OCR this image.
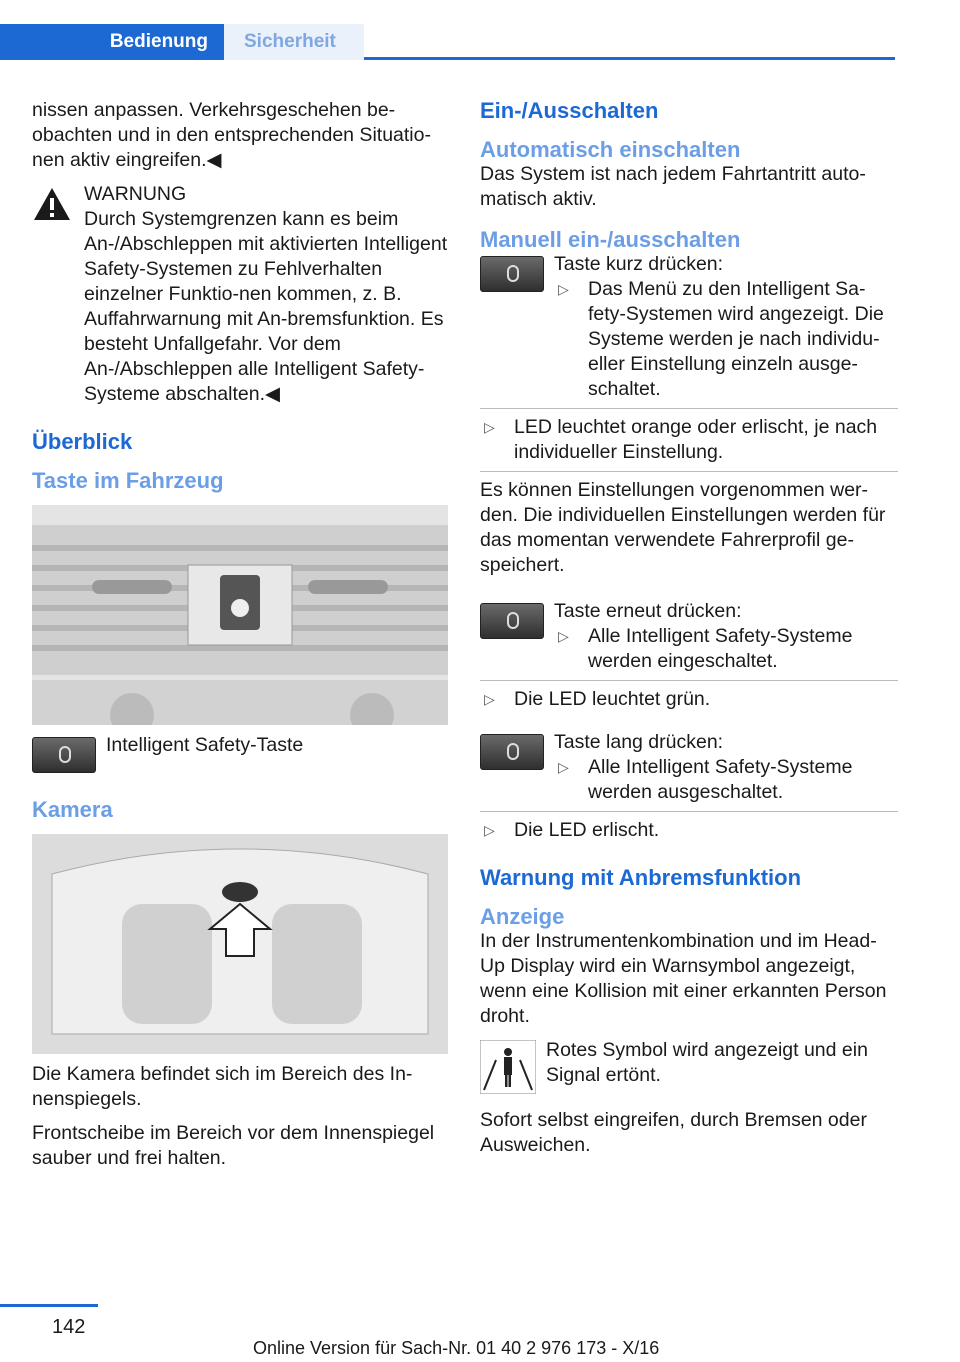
Bedienung	Sicherheit

nissen anpassen. Verkehrsgeschehen be‐obachten und in den entsprechenden Situatio‐nen aktiv eingreifen.◀

WARNUNG
Durch Systemgrenzen kann es beim An-/Abschleppen mit aktivierten Intelligent Safety-Systemen zu Fehlverhalten einzelner Funktio‐nen kommen, z. B. Auffahrwarnung mit An‐bremsfunktion. Es besteht Unfallgefahr. Vor dem An-/Abschleppen alle Intelligent Safety-Systeme abschalten.◀
Überblick
Taste im Fahrzeug
Intelligent Safety-Taste
Kamera

Die Kamera befindet sich im Bereich des In‐nenspiegels.

Frontscheibe im Bereich vor dem Innenspiegel sauber und frei halten.

Ein-/Ausschalten
Automatisch einschalten

Das System ist nach jedem Fahrtantritt auto‐matisch aktiv.

Manuell ein-/ausschalten
Taste kurz drücken:
▷ Das Menü zu den Intelligent Sa‐fety-Systemen wird angezeigt. Die Systeme werden je nach individu‐eller Einstellung einzeln ausge‐schaltet.
▷ LED leuchtet orange oder erlischt, je nach individueller Einstellung.

Es können Einstellungen vorgenommen wer‐den. Die individuellen Einstellungen werden für das momentan verwendete Fahrerprofil ge‐speichert.

Taste erneut drücken:
▷ Alle Intelligent Safety-Systeme werden eingeschaltet.
▷ Die LED leuchtet grün.
Taste lang drücken:
▷ Alle Intelligent Safety-Systeme werden ausgeschaltet.
▷ Die LED erlischt.
Warnung mit Anbremsfunktion
Anzeige

In der Instrumentenkombination und im Head-Up Display wird ein Warnsymbol angezeigt, wenn eine Kollision mit einer erkannten Person droht.

Rotes Symbol wird angezeigt und ein Signal ertönt.

Sofort selbst eingreifen, durch Bremsen oder Ausweichen.

142
Online Version für Sach-Nr. 01 40 2 976 173 - X/16
